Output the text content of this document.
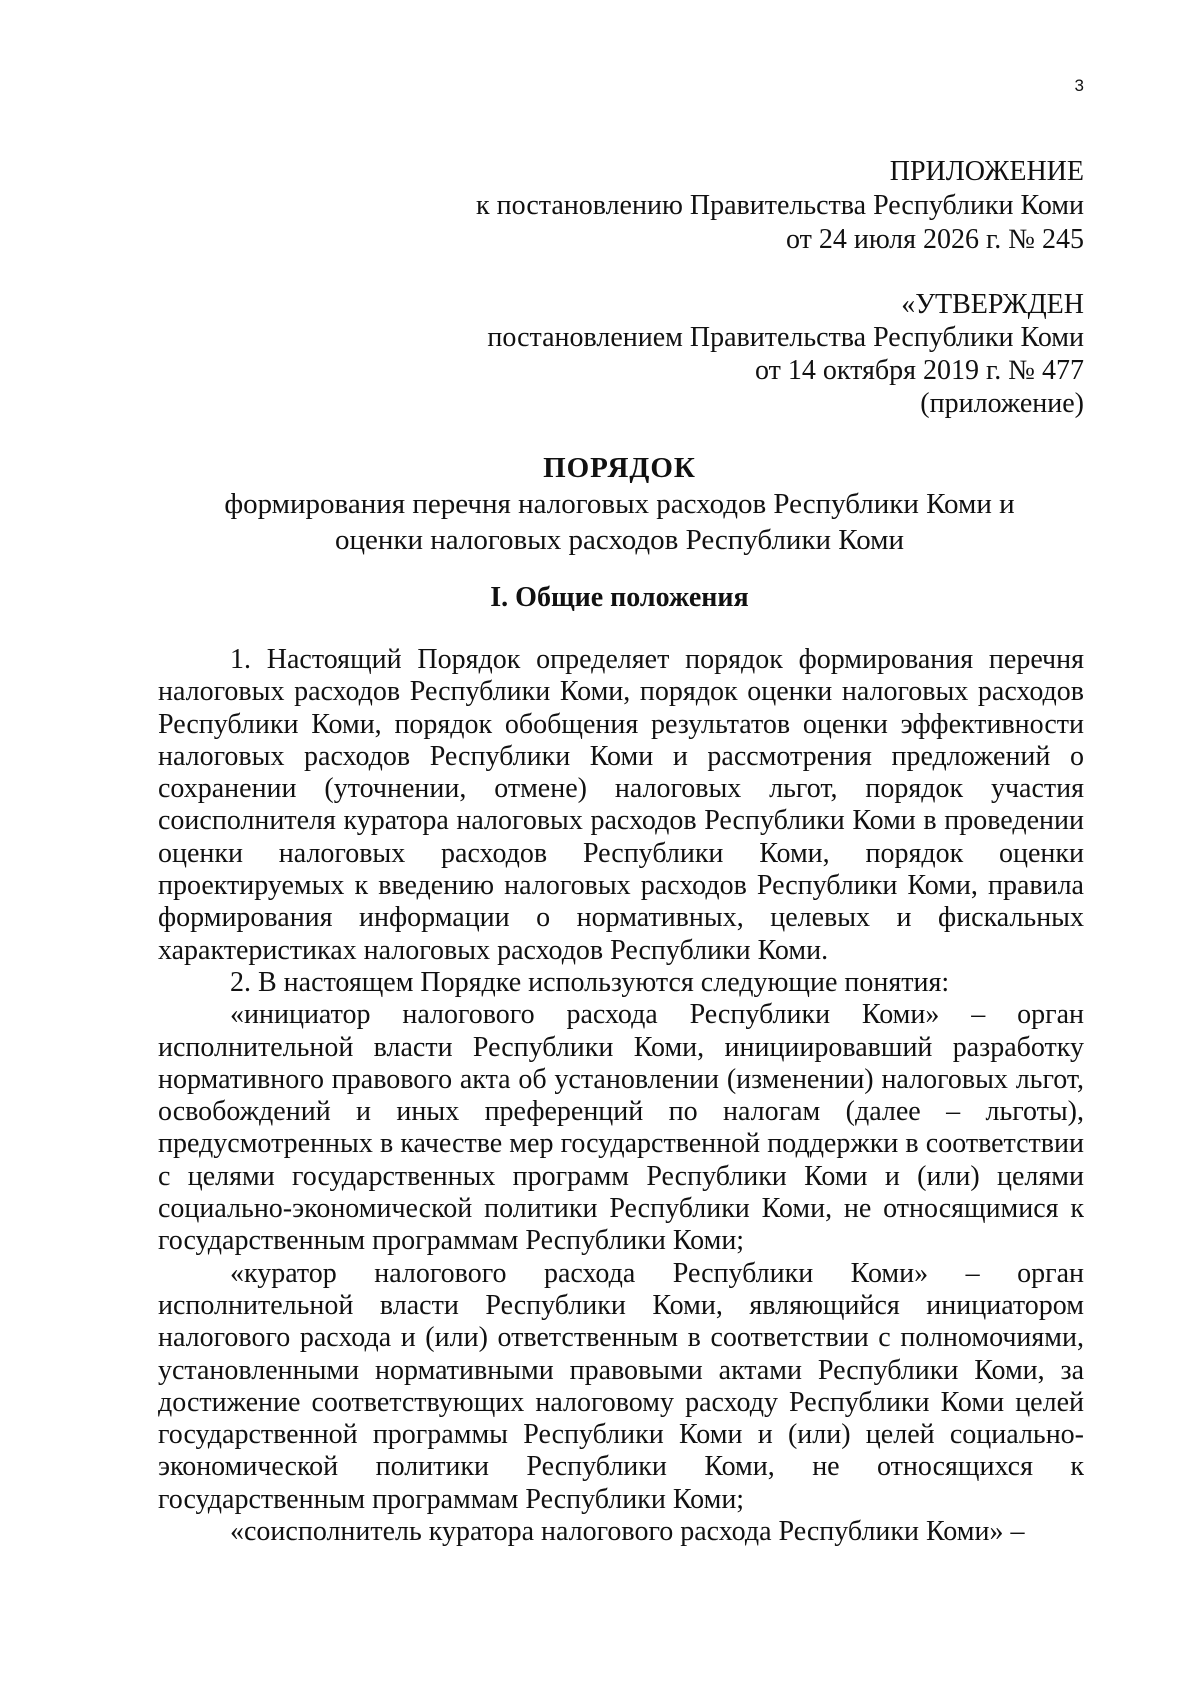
3
ПРИЛОЖЕНИЕ
к постановлению Правительства Республики Коми
от 24 июля 2026 г. № 245
«УТВЕРЖДЕН
постановлением Правительства Республики Коми
от 14 октября 2019 г. № 477
(приложение)
ПОРЯДОК
формирования перечня налоговых расходов Республики Коми и
оценки налоговых расходов Республики Коми
I. Общие положения

1. Настоящий Порядок определяет порядок формирования перечня налоговых расходов Республики Коми, порядок оценки налоговых расходов Республики Коми, порядок обобщения результатов оценки эффективности налоговых расходов Республики Коми и рассмотрения предложений о сохранении (уточнении, отмене) налоговых льгот, порядок участия соисполнителя куратора налоговых расходов Республики Коми в проведении оценки налоговых расходов Республики Коми, порядок оценки проектируемых к введению налоговых расходов Республики Коми, правила формирования информации о нормативных, целевых и фискальных характеристиках налоговых расходов Республики Коми.

2. В настоящем Порядке используются следующие понятия:

«инициатор налогового расхода Республики Коми» – орган исполнительной власти Республики Коми, инициировавший разработку нормативного правового акта об установлении (изменении) налоговых льгот, освобождений и иных преференций по налогам (далее – льготы), предусмотренных в качестве мер государственной поддержки в соответствии с целями государственных программ Республики Коми и (или) целями социально-экономической политики Республики Коми, не относящимися к государственным программам Республики Коми;

«куратор налогового расхода Республики Коми» – орган исполнительной власти Республики Коми, являющийся инициатором налогового расхода и (или) ответственным в соответствии с полномочиями, установленными нормативными правовыми актами Республики Коми, за достижение соответствующих налоговому расходу Республики Коми целей государственной программы Республики Коми и (или) целей социально-экономической политики Республики Коми, не относящихся к государственным программам Республики Коми;

«соисполнитель куратора налогового расхода Республики Коми» –
